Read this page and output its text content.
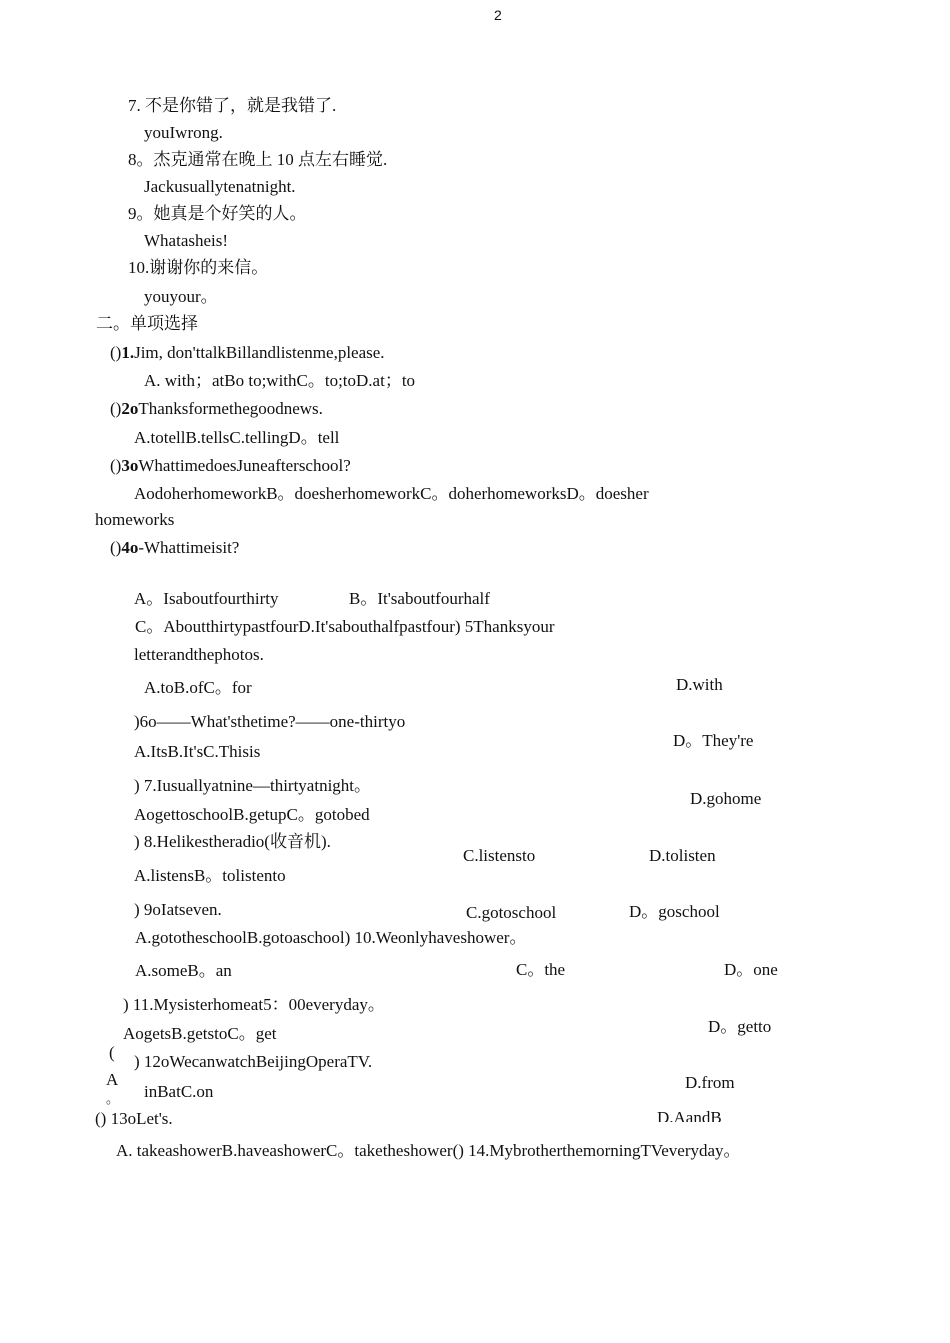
2
7. 不是你错了，就是我错了.
youIwrong.
8。杰克通常在晚上 10 点左右睡觉.
Jackusuallytenatnight.
9。她真是个好笑的人。
Whatasheis!
10.谢谢你的来信。
youyour。
二。单项选择
()1.Jim, don'ttalkBillandlistenme,please.
A. with；atBo to;withC。to;toD.at；to
()2oThanksformethegoodnews.
A.totellB.tellsC.tellingD。tell
()3oWhattimedoesJuneafterschool?
AodoherhomeworkB。doesherhomeworkC。doherhomeworksD。doesher
homeworks
()4o-Whattimeisit?
A。Isaboutfourthirty	B。It'saboutfourhalf
C。AboutthirtypastfourD.It'sabouthalfpastfour) 5Thanksyour
letterandthephotos.
A.toB.ofC。for	D.with
)6o——What'sthetime?——one-thirtyo
A.ItsB.It'sC.Thisis
D。They're
) 7.Iusuallyatnine—thirtyatnight。
AogettoschoolB.getupC。gotobed
D.gohome
) 8.Helikestheradio(收音机).
A.listensB。tolistento
C.listensto	D.tolisten
) 9oIatseven.
A.gototheschoolB.gotoaschool) 10.Weonlyhaveshower。
C.gotoschool	D。goschool
A.someB。an	C。the	D。one
) 11.Mysisterhomeat5：00everyday。
AogetsB.getstoC。get	D。getto
( ) 12oWecanwatchBeijingOperaTV.
A
。 inBatC.on	D.from
() 13oLet's.	D.AandB
A. takeashowerB.haveashowerC。taketheshower() 14.MybrotherthemorningTVeveryday。
